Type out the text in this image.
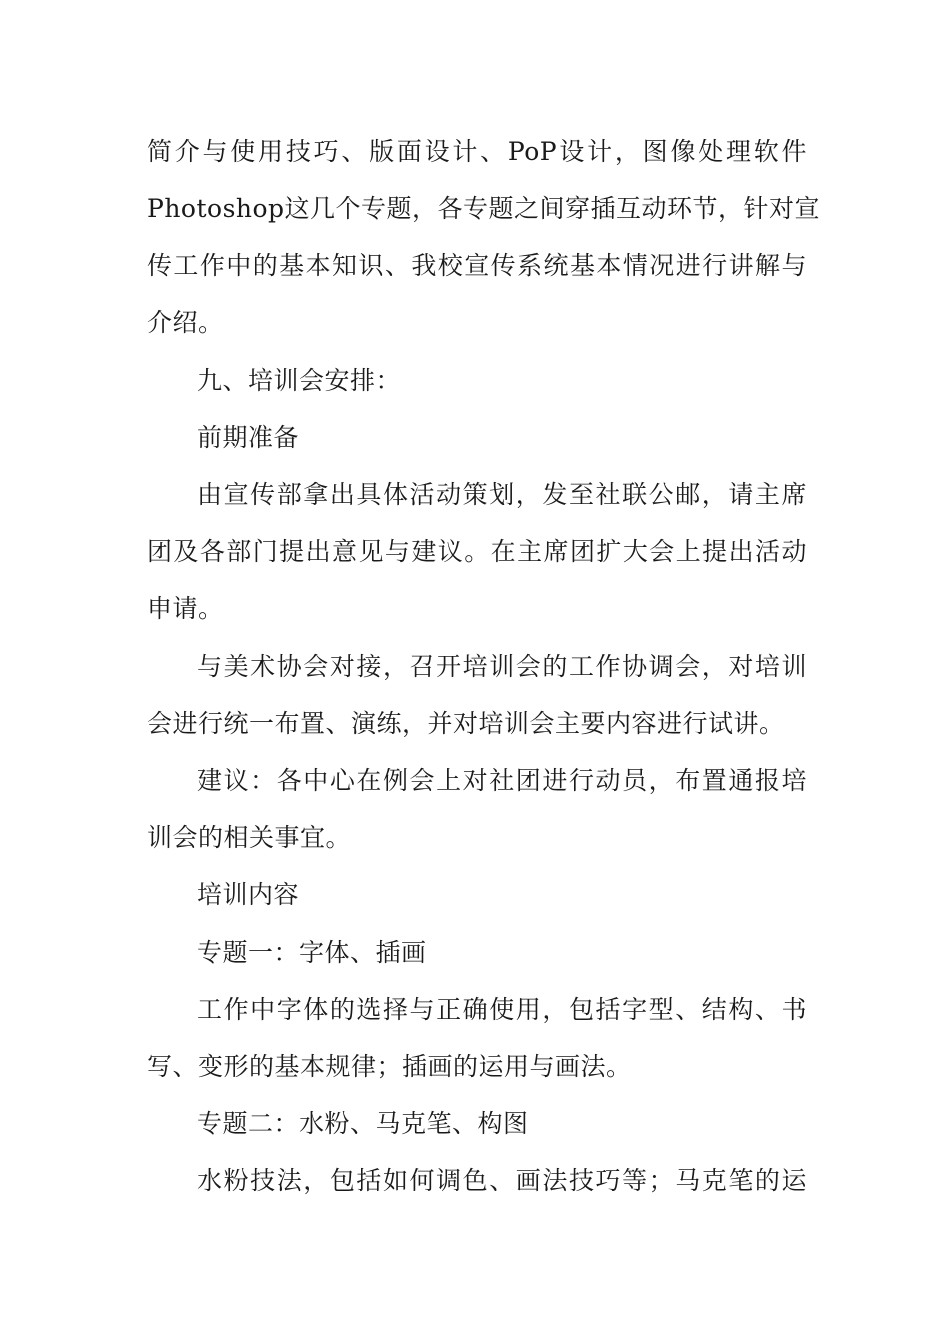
简介与使用技巧、版面设计、PoP设计，图像处理软件
Photoshop这几个专题，各专题之间穿插互动环节，针对宣
传工作中的基本知识、我校宣传系统基本情况进行讲解与
介绍。
九、培训会安排：
前期准备
由宣传部拿出具体活动策划，发至社联公邮，请主席
团及各部门提出意见与建议。在主席团扩大会上提出活动
申请。
与美术协会对接，召开培训会的工作协调会，对培训
会进行统一布置、演练，并对培训会主要内容进行试讲。
建议：各中心在例会上对社团进行动员，布置通报培
训会的相关事宜。
培训内容
专题一：字体、插画
工作中字体的选择与正确使用，包括字型、结构、书
写、变形的基本规律；插画的运用与画法。
专题二：水粉、马克笔、构图
水粉技法，包括如何调色、画法技巧等；马克笔的运
